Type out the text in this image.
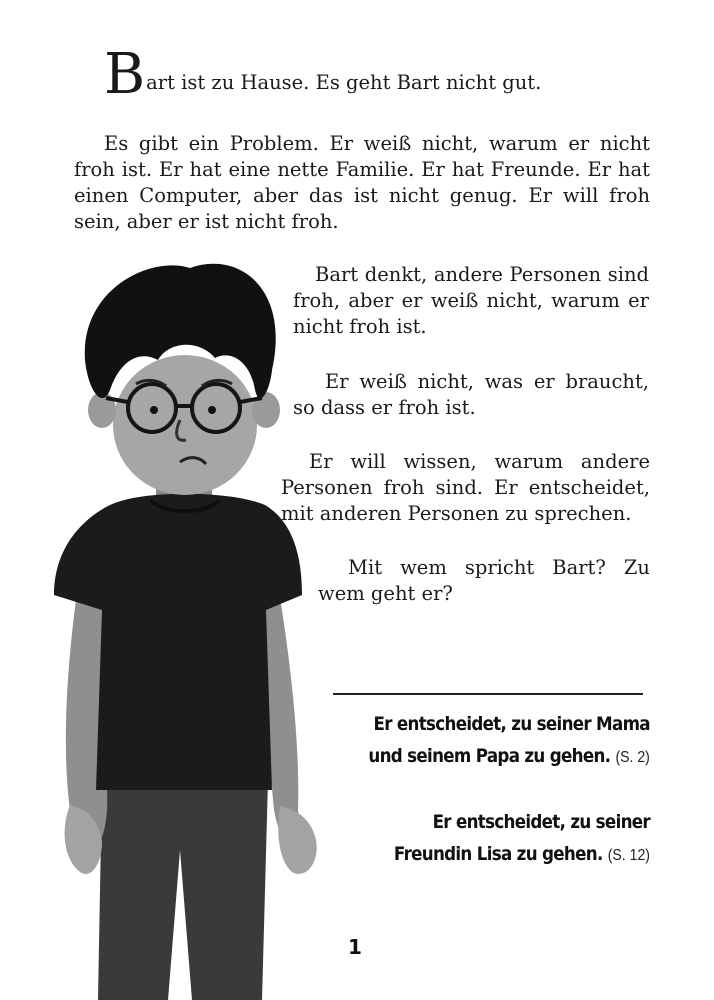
Bart ist zu Hause. Es geht Bart nicht gut.

Es gibt ein Problem. Er weiß nicht, warum er nicht froh ist. Er hat eine nette Familie. Er hat Freunde. Er hat einen Computer, aber das ist nicht genug. Er will froh sein, aber er ist nicht froh.

Bart denkt, andere Personen sind froh, aber er weiß nicht, warum er nicht froh ist.

Er weiß nicht, was er braucht, so dass er froh ist.

Er will wissen, warum andere Personen froh sind. Er entscheidet, mit anderen Personen zu sprechen.

Mit wem spricht Bart? Zu wem geht er?

Er entscheidet, zu seiner Mama
und seinem Papa zu gehen. (S. 2)
Er entscheidet, zu seiner
Freundin Lisa zu gehen. (S. 12)
1
